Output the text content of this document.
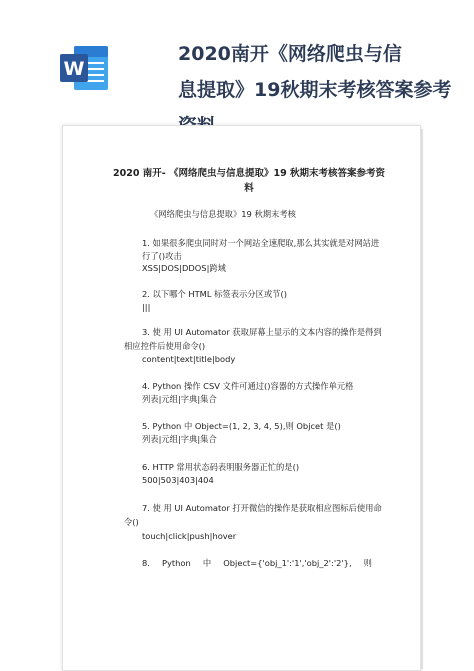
W
2020南开《网络爬虫与信
息提取》19秋期末考核答案参考
2020 南开- 《网络爬虫与信息提取》19 秋期末考核答案参考资
料
《网络爬虫与信息提取》19 秋期末考核
1. 如果很多爬虫同时对一个网站全速爬取,那么其实就是对网站进
行了()攻击
XSS|DOS|DDOS|跨域
2. 以下哪个 HTML 标签表示分区或节()
|||
3. 使 用 UI Automator 获取屏幕上显示的文本内容的操作是得到
相应控件后使用命令()
content|text|title|body
4. Python 操作 CSV 文件可通过()容器的方式操作单元格
列表|元组|字典|集合
5. Python 中 Object=(1, 2, 3, 4, 5),则 Objcet 是()
列表|元组|字典|集合
6. HTTP 常用状态码表明服务器正忙的是()
500|503|403|404
7. 使 用 UI Automator 打开微信的操作是获取相应图标后使用命
令()
touch|click|push|hover
8. Python 中 Object={'obj_1':'1','obj_2':'2'}, 则
